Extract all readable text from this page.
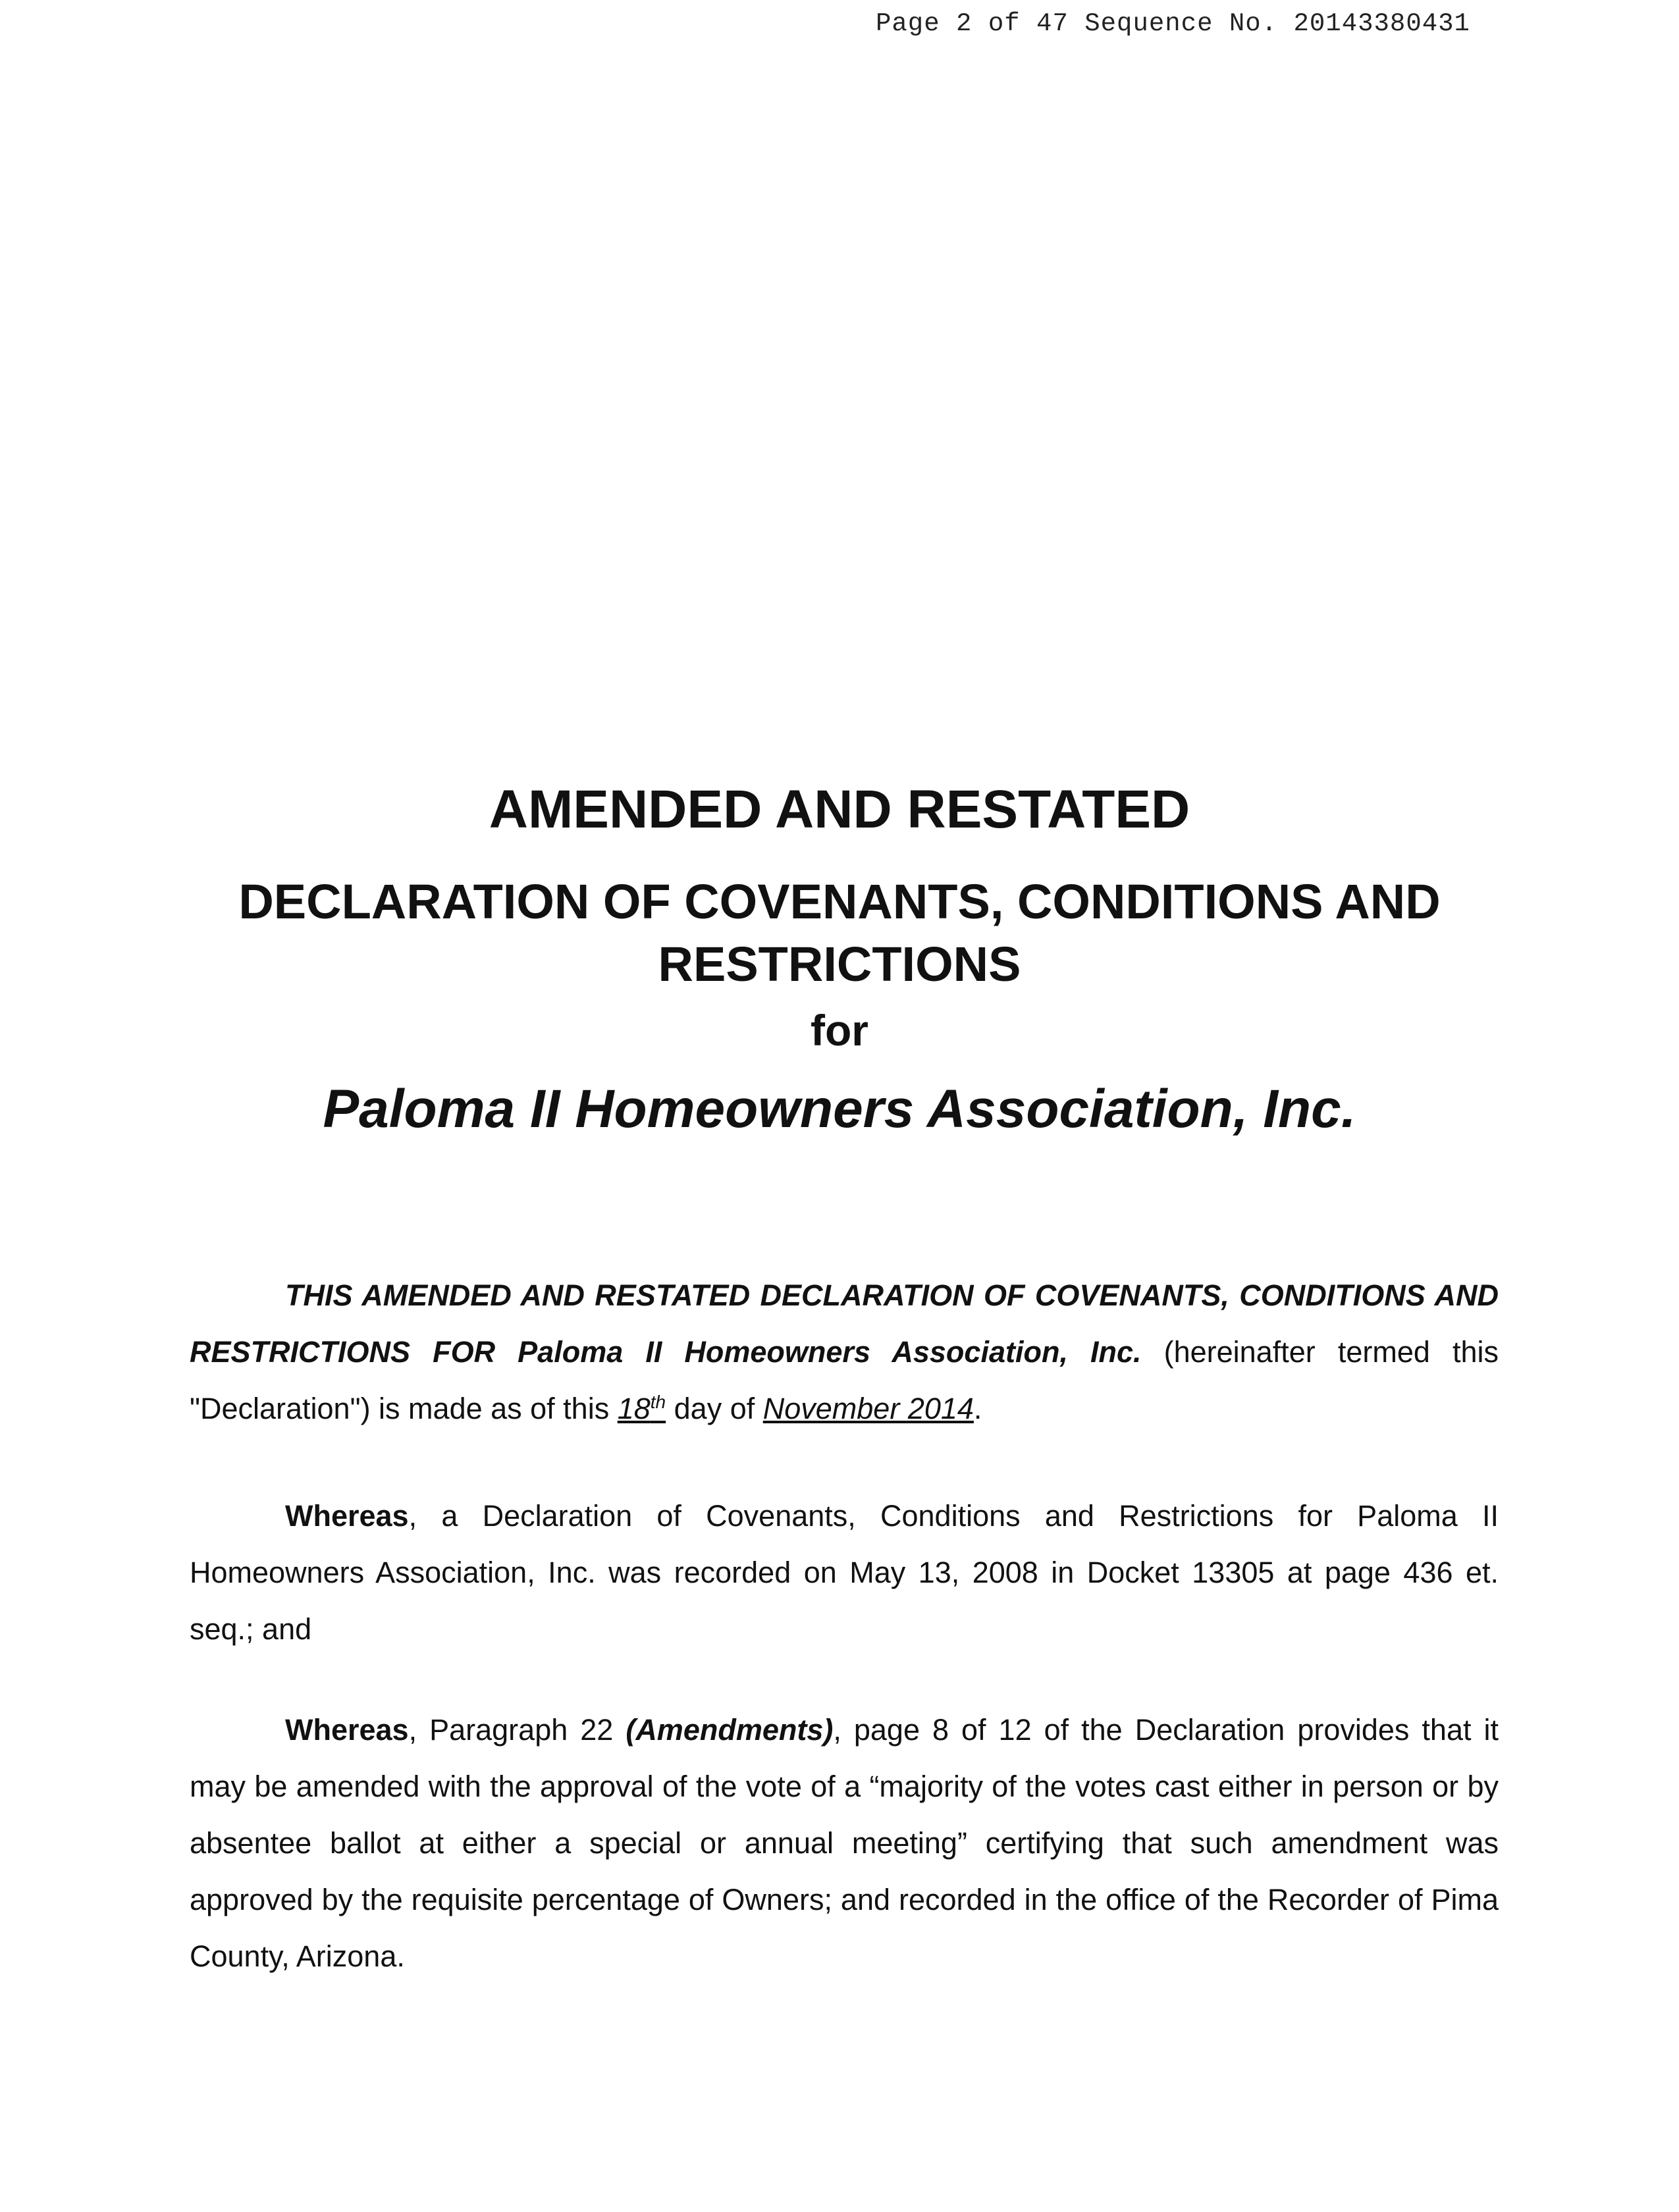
Page 2 of 47 Sequence No. 20143380431
AMENDED AND RESTATED
DECLARATION OF COVENANTS, CONDITIONS AND
RESTRICTIONS
for
Paloma II Homeowners Association, Inc.
THIS AMENDED AND RESTATED DECLARATION OF COVENANTS, CONDITIONS AND RESTRICTIONS FOR Paloma II Homeowners Association, Inc. (hereinafter termed this "Declaration") is made as of this 18th day of November 2014.
Whereas, a Declaration of Covenants, Conditions and Restrictions for Paloma II Homeowners Association, Inc. was recorded on May 13, 2008 in Docket 13305 at page 436 et. seq.; and
Whereas, Paragraph 22 (Amendments), page 8 of 12 of the Declaration provides that it may be amended with the approval of the vote of a “majority of the votes cast either in person or by absentee ballot at either a special or annual meeting” certifying that such amendment was approved by the requisite percentage of Owners; and recorded in the office of the Recorder of Pima County, Arizona.
